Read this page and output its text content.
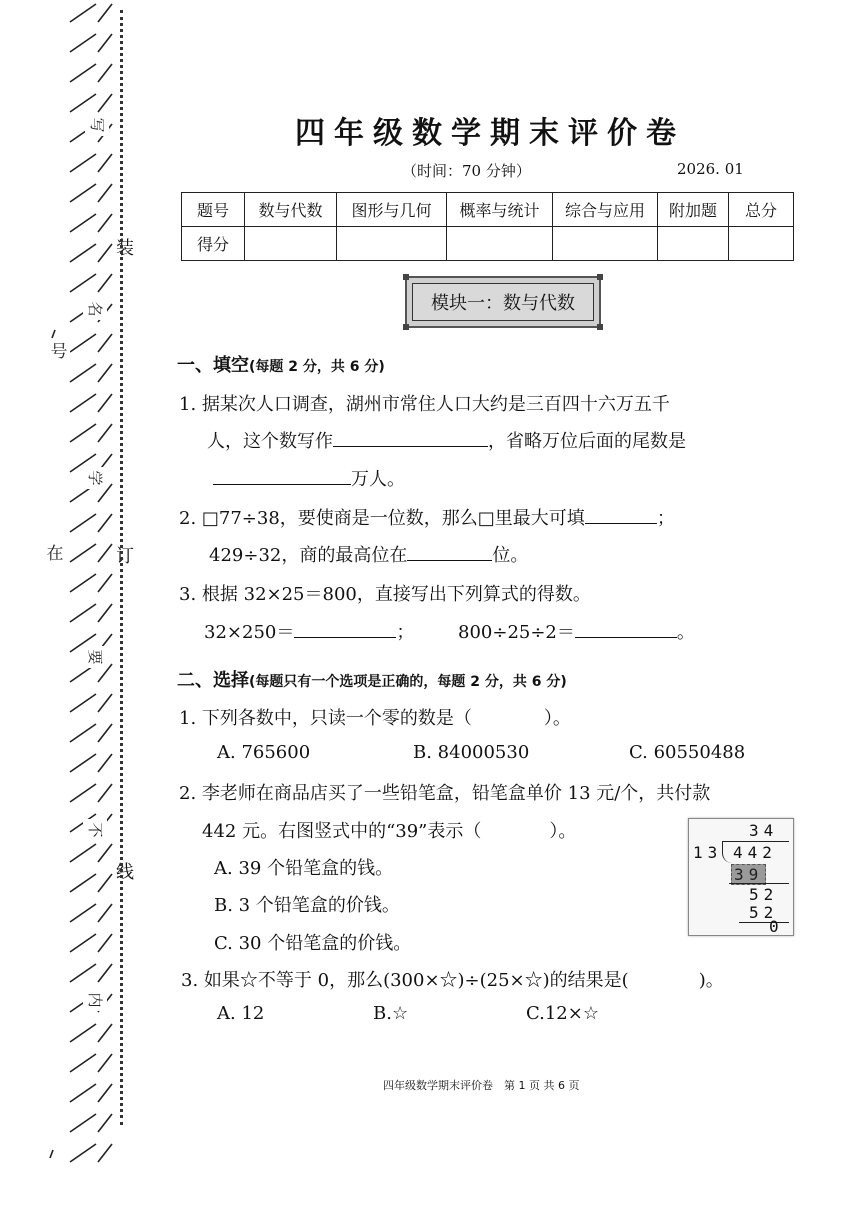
写
名
号
学
在
要
不
内
装
订
线
四年级数学期末评价卷
（时间：70 分钟）	2026. 01
题号	数与代数	图形与几何	概率与统计	综合与应用	附加题	总分
得分						
模块一：数与代数
一、填空(每题 2 分，共 6 分)
1. 据某次人口调查，湖州市常住人口大约是三百四十六万五千
人，这个数写作	，省略万位后面的尾数是
万人。
2. □77÷38，要使商是一位数，那么□里最大可填	；
429÷32，商的最高位在	位。
3. 根据 32×25＝800，直接写出下列算式的得数。
32×250＝	； 800÷25÷2＝	。
二、选择(每题只有一个选项是正确的，每题 2 分，共 6 分)
1. 下列各数中，只读一个零的数是（	）。
A. 765600	B. 84000530	C. 60550488
2. 李老师在商品店买了一些铅笔盒，铅笔盒单价 13 元/个，共付款
442 元。右图竖式中的“39”表示（	）。
A. 39 个铅笔盒的钱。
B. 3 个铅笔盒的价钱。
C. 30 个铅笔盒的价钱。
3. 如果☆不等于 0，那么(300×☆)÷(25×☆)的结果是(	)。
A. 12	B.☆	C.12×☆
34
13 442
39
52
52
0
四年级数学期末评价卷　第 1 页 共 6 页
